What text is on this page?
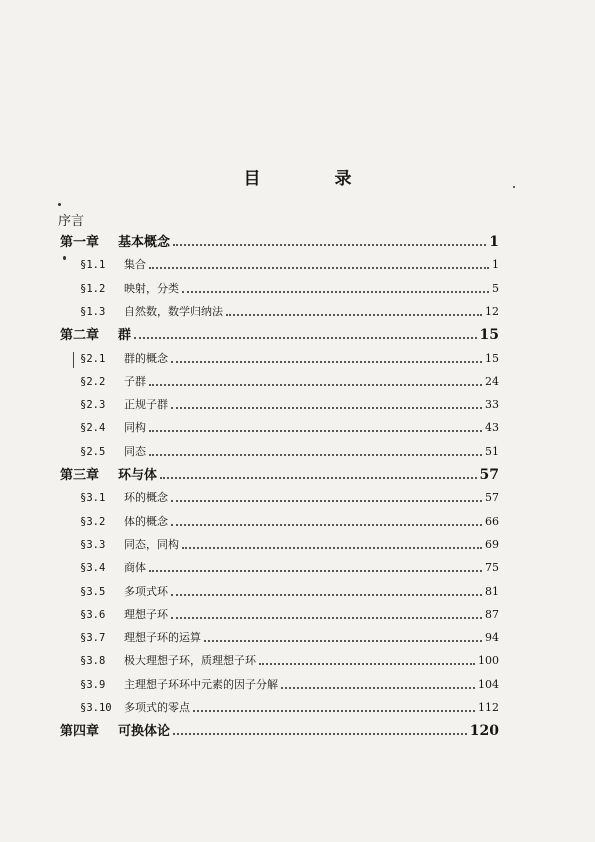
目 录
序言
第一章	基本概念	1
§1.1	集合	1
§1.2	映射，分类	5
§1.3	自然数，数学归纳法	12
第二章	群	15
§2.1	群的概念	15
§2.2	子群	24
§2.3	正规子群	33
§2.4	同构	43
§2.5	同态	51
第三章	环与体	57
§3.1	环的概念	57
§3.2	体的概念	66
§3.3	同态，同构	69
§3.4	商体	75
§3.5	多项式环	81
§3.6	理想子环	87
§3.7	理想子环的运算	94
§3.8	极大理想子环，质理想子环	100
§3.9	主理想子环环中元素的因子分解	104
§3.10	多项式的零点	112
第四章	可换体论	120
